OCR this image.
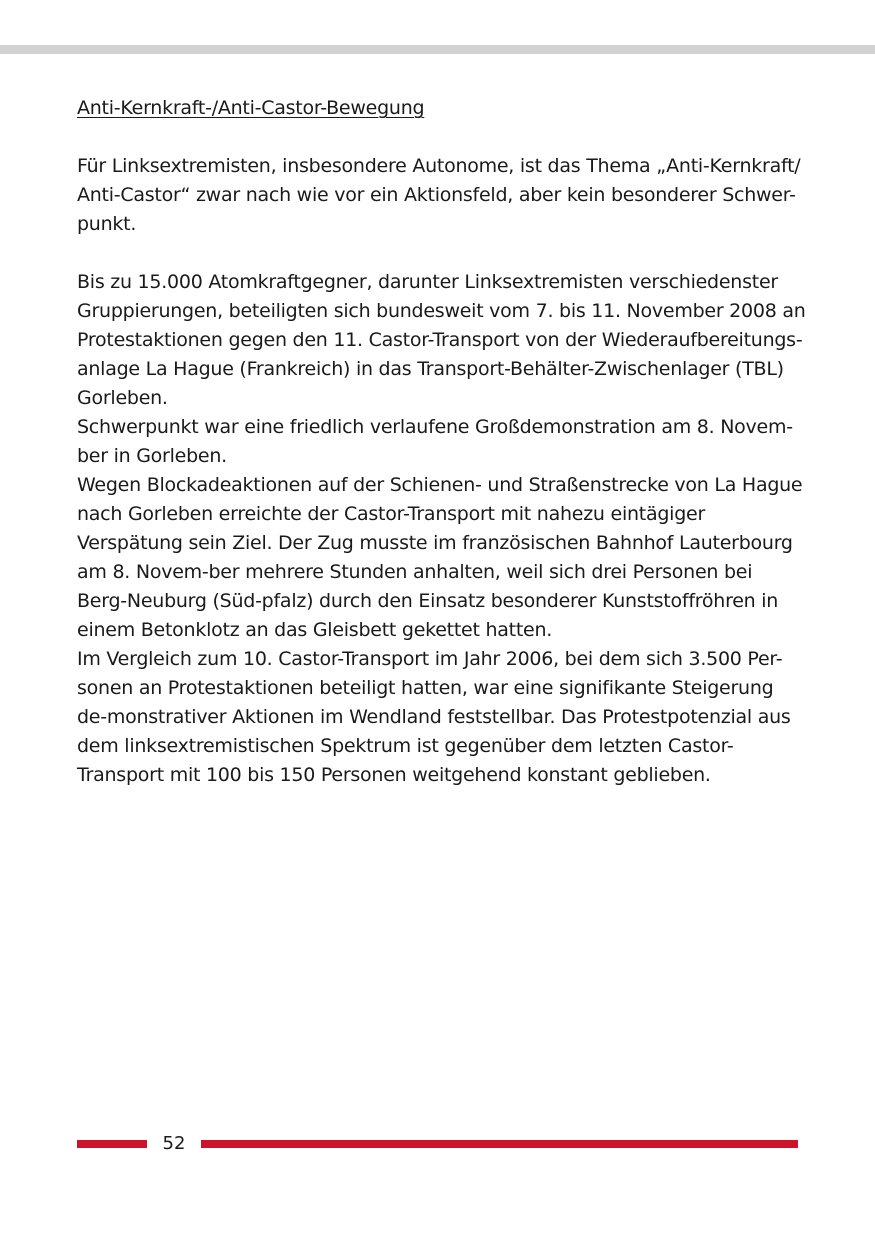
Anti-Kernkraft-/Anti-Castor-Bewegung

Für Linksextremisten, insbesondere Autonome, ist das Thema „Anti-Kernkraft/ Anti-Castor“ zwar nach wie vor ein Aktionsfeld, aber kein besonderer Schwer-punkt.

Bis zu 15.000 Atomkraftgegner, darunter Linksextremisten verschiedenster Gruppierungen, beteiligten sich bundesweit vom 7. bis 11. November 2008 an Protestaktionen gegen den 11. Castor-Transport von der Wiederaufbereitungs-anlage La Hague (Frankreich) in das Transport-Behälter-Zwischenlager (TBL) Gorleben.

Schwerpunkt war eine friedlich verlaufene Großdemonstration am 8. Novem-ber in Gorleben.

Wegen Blockadeaktionen auf der Schienen- und Straßenstrecke von La Hague nach Gorleben erreichte der Castor-Transport mit nahezu eintägiger Verspätung sein Ziel. Der Zug musste im französischen Bahnhof Lauterbourg am 8. Novem-ber mehrere Stunden anhalten, weil sich drei Personen bei Berg-Neuburg (Süd-pfalz) durch den Einsatz besonderer Kunststoffröhren in einem Betonklotz an das Gleisbett gekettet hatten.

Im Vergleich zum 10. Castor-Transport im Jahr 2006, bei dem sich 3.500 Per-sonen an Protestaktionen beteiligt hatten, war eine signifikante Steigerung de-monstrativer Aktionen im Wendland feststellbar. Das Protestpotenzial aus dem linksextremistischen Spektrum ist gegenüber dem letzten Castor-Transport mit 100 bis 150 Personen weitgehend konstant geblieben.

52
